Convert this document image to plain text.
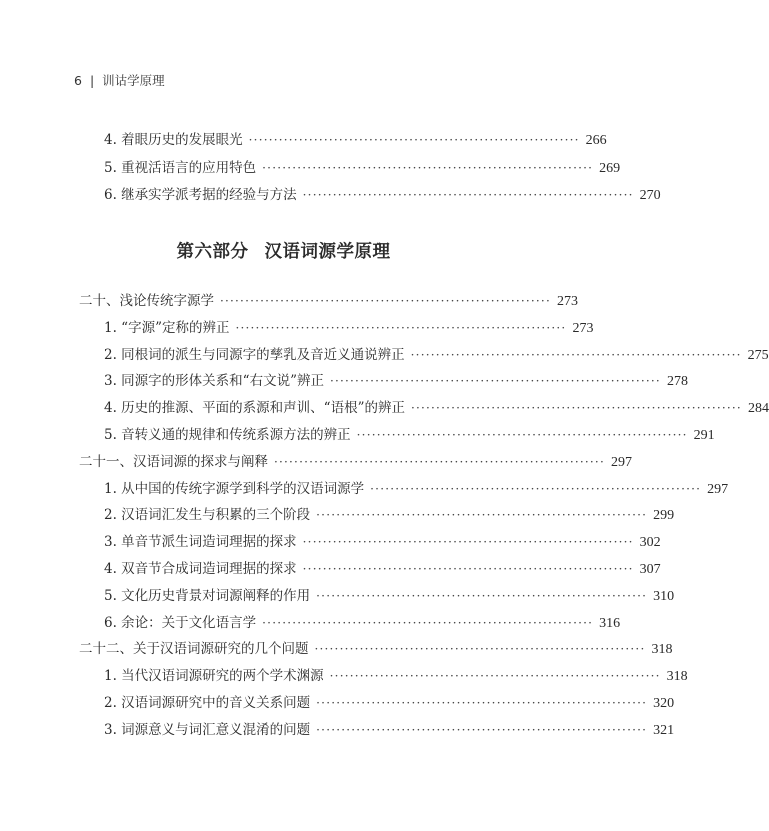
6 | 训诂学原理
4. 着眼历史的发展眼光 ·································································· 266
5. 重视活语言的应用特色 ·································································· 269
6. 继承实学派考据的经验与方法 ·································································· 270
第六部分 汉语词源学原理
二十、浅论传统字源学 ·································································· 273
1. “字源”定称的辨正 ·································································· 273
2. 同根词的派生与同源字的孳乳及音近义通说辨正 ·································································· 275
3. 同源字的形体关系和“右文说”辨正 ·································································· 278
4. 历史的推源、平面的系源和声训、“语根”的辨正 ·································································· 284
5. 音转义通的规律和传统系源方法的辨正 ·································································· 291
二十一、汉语词源的探求与阐释 ·································································· 297
1. 从中国的传统字源学到科学的汉语词源学 ·································································· 297
2. 汉语词汇发生与积累的三个阶段 ·································································· 299
3. 单音节派生词造词理据的探求 ·································································· 302
4. 双音节合成词造词理据的探求 ·································································· 307
5. 文化历史背景对词源阐释的作用 ·································································· 310
6. 余论：关于文化语言学 ·································································· 316
二十二、关于汉语词源研究的几个问题 ·································································· 318
1. 当代汉语词源研究的两个学术渊源 ·································································· 318
2. 汉语词源研究中的音义关系问题 ·································································· 320
3. 词源意义与词汇意义混淆的问题 ·································································· 321
